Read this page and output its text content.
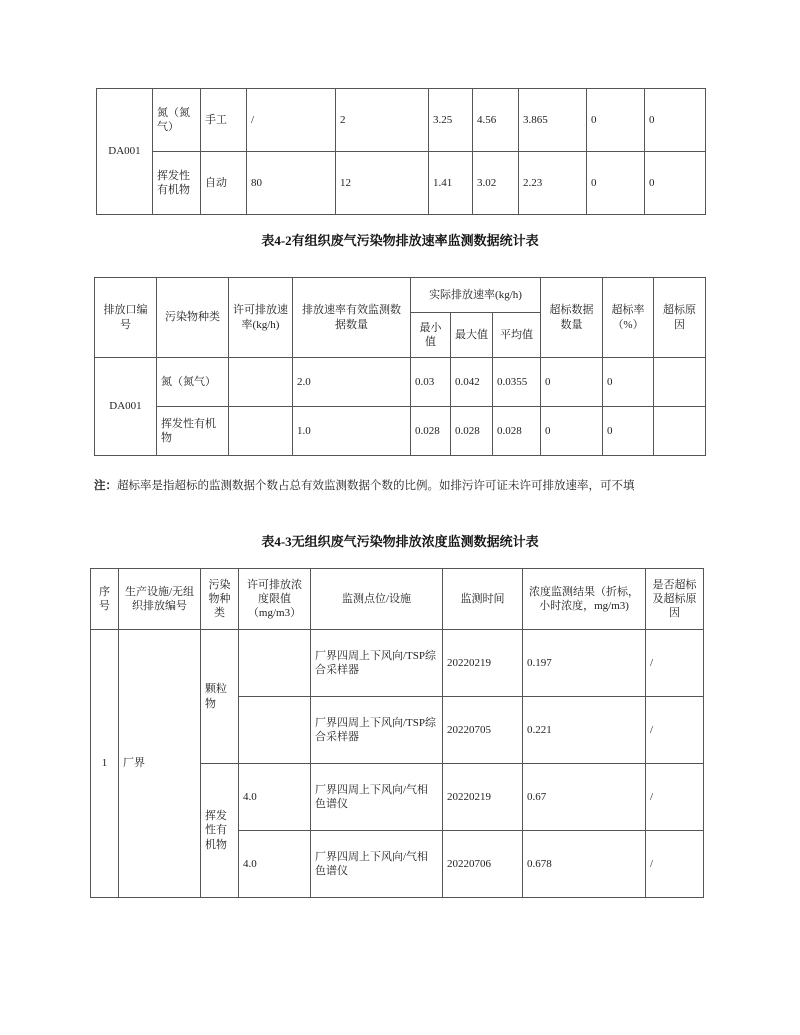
DA001	氮（氮气）	手工	/	2	3.25	4.56	3.865	0	0	
	挥发性有机物	自动	80	12	1.41	3.02	2.23	0	0	
表4-2有组织废气污染物排放速率监测数据统计表
排放口编号	污染物种类	许可排放速率(kg/h)	排放速率有效监测数据数量	实际排放速率(kg/h)			超标数据数量	超标率（%）	超标原因
				最小值	最大值	平均值			
DA001	氮（氮气）		2.0	0.03	0.042	0.0355	0	0	
	挥发性有机物		1.0	0.028	0.028	0.028	0	0	
注：超标率是指超标的监测数据个数占总有效监测数据个数的比例。如排污许可证未许可排放速率，可不填
表4-3无组织废气污染物排放浓度监测数据统计表
序号	生产设施/无组织排放编号	污染物种类	许可排放浓度限值（mg/m3）	监测点位/设施	监测时间	浓度监测结果（折标，小时浓度，mg/m3)	是否超标及超标原因
1	厂界	颗粒物		厂界四周上下风向/TSP综合采样器	20220219	0.197	/
				厂界四周上下风向/TSP综合采样器	20220705	0.221	/
		挥发性有机物	4.0	厂界四周上下风向/气相色谱仪	20220219	0.67	/
			4.0	厂界四周上下风向/气相色谱仪	20220706	0.678	/
